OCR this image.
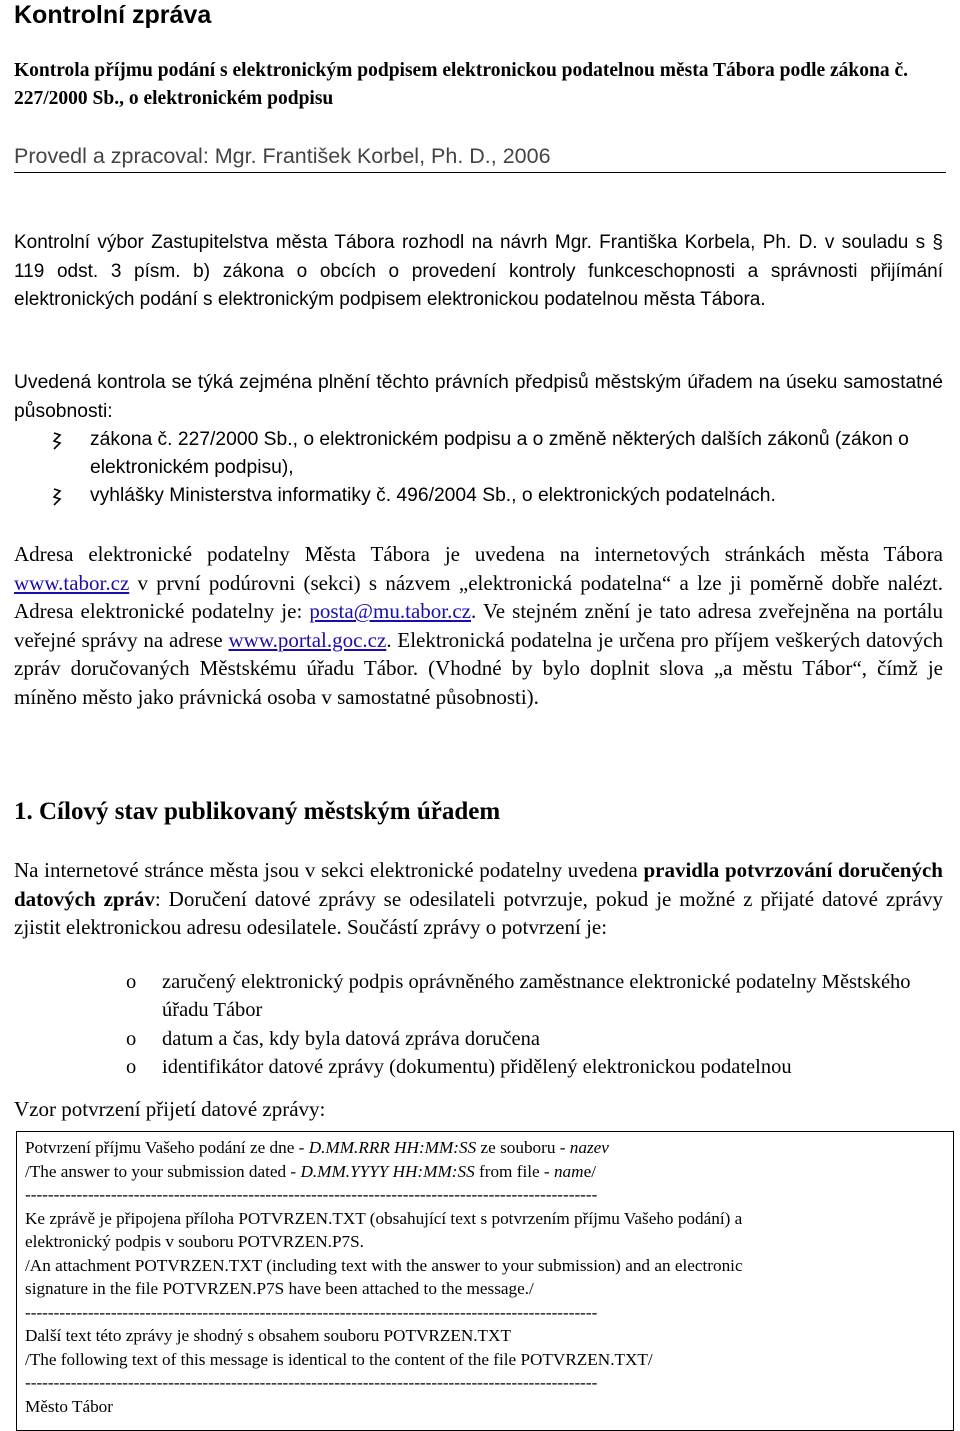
Kontrolní zpráva

Kontrola příjmu podání s elektronickým podpisem elektronickou podatelnou města Tábora podle zákona č. 227/2000 Sb., o elektronickém podpisu

Provedl a zpracoval: Mgr. František Korbel, Ph. D., 2006

Kontrolní výbor Zastupitelstva města Tábora rozhodl na návrh Mgr. Františka Korbela, Ph. D. v souladu s § 119 odst. 3 písm. b) zákona o obcích o provedení kontroly funkceschopnosti a správnosti přijímání elektronických podání s elektronickým podpisem elektronickou podatelnou města Tábora.

Uvedená kontrola se týká zejména plnění těchto právních předpisů městským úřadem na úseku samostatné působnosti:

zákona č. 227/2000 Sb., o elektronickém podpisu a o změně některých dalších zákonů (zákon o elektronickém podpisu),
vyhlášky Ministerstva informatiky č. 496/2004 Sb., o elektronických podatelnách.

Adresa elektronické podatelny Města Tábora je uvedena na internetových stránkách města Tábora www.tabor.cz v první podúrovni (sekci) s názvem „elektronická podatelna“ a lze ji poměrně dobře nalézt. Adresa elektronické podatelny je: posta@mu.tabor.cz. Ve stejném znění je tato adresa zveřejněna na portálu veřejné správy na adrese www.portal.goc.cz. Elektronická podatelna je určena pro příjem veškerých datových zpráv doručovaných Městskému úřadu Tábor. (Vhodné by bylo doplnit slova „a městu Tábor“, čímž je míněno město jako právnická osoba v samostatné působnosti).

1. Cílový stav publikovaný městským úřadem

Na internetové stránce města jsou v sekci elektronické podatelny uvedena pravidla potvrzování doručených datových zpráv: Doručení datové zprávy se odesilateli potvrzuje, pokud je možné z přijaté datové zprávy zjistit elektronickou adresu odesilatele. Součástí zprávy o potvrzení je:

o zaručený elektronický podpis oprávněného zaměstnance elektronické podatelny Městského úřadu Tábor
o datum a čas, kdy byla datová zpráva doručena
o identifikátor datové zprávy (dokumentu) přidělený elektronickou podatelnou

Vzor potvrzení přijetí datové zprávy:

Potvrzení příjmu Vašeho podání ze dne - D.MM.RRR HH:MM:SS ze souboru - nazev
/The answer to your submission dated - D.MM.YYYY HH:MM:SS from file - name/
----------------------------------------------------------------------------------------------------
Ke zprávě je připojena příloha POTVRZEN.TXT (obsahující text s potvrzením příjmu Vašeho podání) a
elektronický podpis v souboru POTVRZEN.P7S.
/An attachment POTVRZEN.TXT (including text with the answer to your submission) and an electronic
signature in the file POTVRZEN.P7S have been attached to the message./
----------------------------------------------------------------------------------------------------
Další text této zprávy je shodný s obsahem souboru POTVRZEN.TXT
/The following text of this message is identical to the content of the file POTVRZEN.TXT/
----------------------------------------------------------------------------------------------------
Město Tábor
